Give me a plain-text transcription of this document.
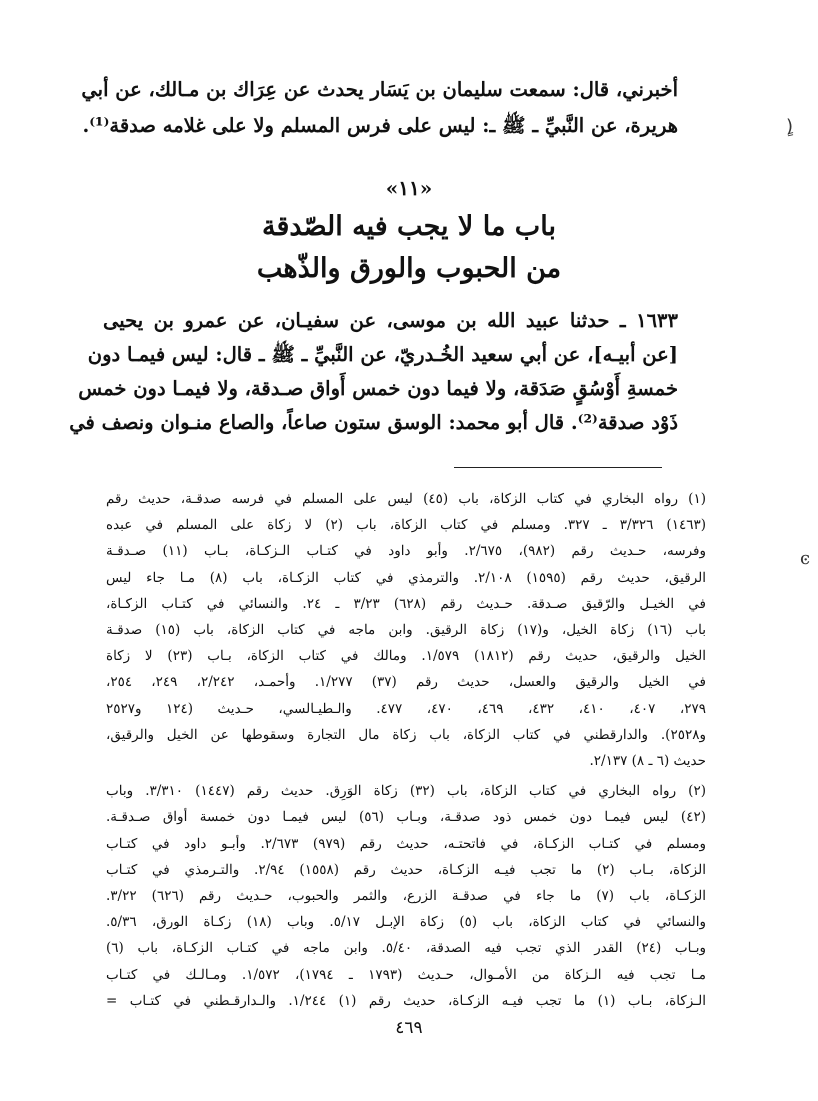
أخبرني، قال: سمعت سليمان بن يَسَار يحدث عن عِرَاك بن مـالك، عن أبي
هريرة، عن النَّبيِّ ـ ﷺ ـ: ليس على فرس المسلم ولا على غلامه صدقة⁽¹⁾.
«١١»
باب ما لا يجب فيه الصّدقة
من الحبوب والورق والذّهب
١٦٣٣ ـ حدثنا عبيد الله بن موسى، عن سفيـان، عن عمرو بن يحيى
[عن أبيـه]، عن أبي سعيد الخُـدريّ، عن النَّبيِّ ـ ﷺ ـ قال: ليس فيمـا دون
خمسةِ أَوْسُقٍ صَدَقة، ولا فيما دون خمس أَواق صـدقة، ولا فيمـا دون خمس
ذَوْد صدقة⁽²⁾. قال أبو محمد: الوسق ستون صاعاً، والصاع منـوان ونصف في
(١) رواه البخاري في كتاب الزكاة، باب (٤٥) ليس على المسلم في فرسه صدقـة، حديث رقم
(١٤٦٣) ٣/٣٢٦ ـ ٣٢٧. ومسلم في كتاب الزكاة، باب (٢) لا زكاة على المسلم في عبده
وفرسه، حـديث رقم (٩٨٢)، ٢/٦٧٥. وأبو داود في كتـاب الـزكـاة، بـاب (١١) صـدقـة
الرقيق، حديث رقم (١٥٩٥) ٢/١٠٨. والترمذي في كتاب الزكـاة، باب (٨) مـا جاء ليس
في الخيـل والرّقيق صـدقة. حـديث رقم (٦٢٨) ٣/٢٣ ـ ٢٤. والنسائي في كتـاب الزكـاة،
باب (١٦) زكاة الخيل، و(١٧) زكاة الرقيق. وابن ماجه في كتاب الزكاة، باب (١٥) صدقـة
الخيل والرقيق، حديث رقم (١٨١٢) ١/٥٧٩. ومالك في كتاب الزكاة، بـاب (٢٣) لا زكاة
في الخيل والرقيق والعسل، حديث رقم (٣٧) ١/٢٧٧. وأحمـد، ٢/٢٤٢، ٢٤٩، ٢٥٤،
٢٧٩، ٤٠٧، ٤١٠، ٤٣٢، ٤٦٩، ٤٧٠، ٤٧٧. والـطيـالسي، حـديث (١٢٤ و٢٥٢٧
و٢٥٢٨). والدارقطني في كتاب الزكاة، باب زكاة مال التجارة وسقوطها عن الخيل والرقيق،
حديث (٦ ـ ٨) ٢/١٣٧.
(٢) رواه البخاري في كتاب الزكاة، باب (٣٢) زكاة الوَرِق. حديث رقم (١٤٤٧) ٣/٣١٠. وباب
(٤٢) ليس فيمـا دون خمس ذود صدقـة، وبـاب (٥٦) ليس فيمـا دون خمسة أواق صـدقـة.
ومسلم في كتـاب الزكـاة، في فاتحتـه، حديث رقم (٩٧٩) ٢/٦٧٣. وأبـو داود في كتـاب
الزكاة، بـاب (٢) ما تجب فيـه الزكـاة، حديث رقم (١٥٥٨) ٢/٩٤. والتـرمذي في كتـاب
الزكـاة، باب (٧) ما جاء في صدقـة الزرع، والثمر والحبوب، حـديث رقم (٦٢٦) ٣/٢٢.
والنسائي في كتاب الزكاة، باب (٥) زكاة الإبـل ٥/١٧. وباب (١٨) زكـاة الورق، ٥/٣٦.
وبـاب (٢٤) القدر الذي تجب فيه الصدقة، ٥/٤٠. وابن ماجه في كتـاب الزكـاة، باب (٦)
مـا تجب فيه الـزكاة من الأمـوال، حـديث (١٧٩٣ ـ ١٧٩٤)، ١/٥٧٢. ومـالـك في كتـاب
الـزكاة، بـاب (١) ما تجب فيـه الزكـاة، حديث رقم (١) ١/٢٤٤. والـدارقـطني في كتـاب =
٤٦٩
(ٍ
ͼ
